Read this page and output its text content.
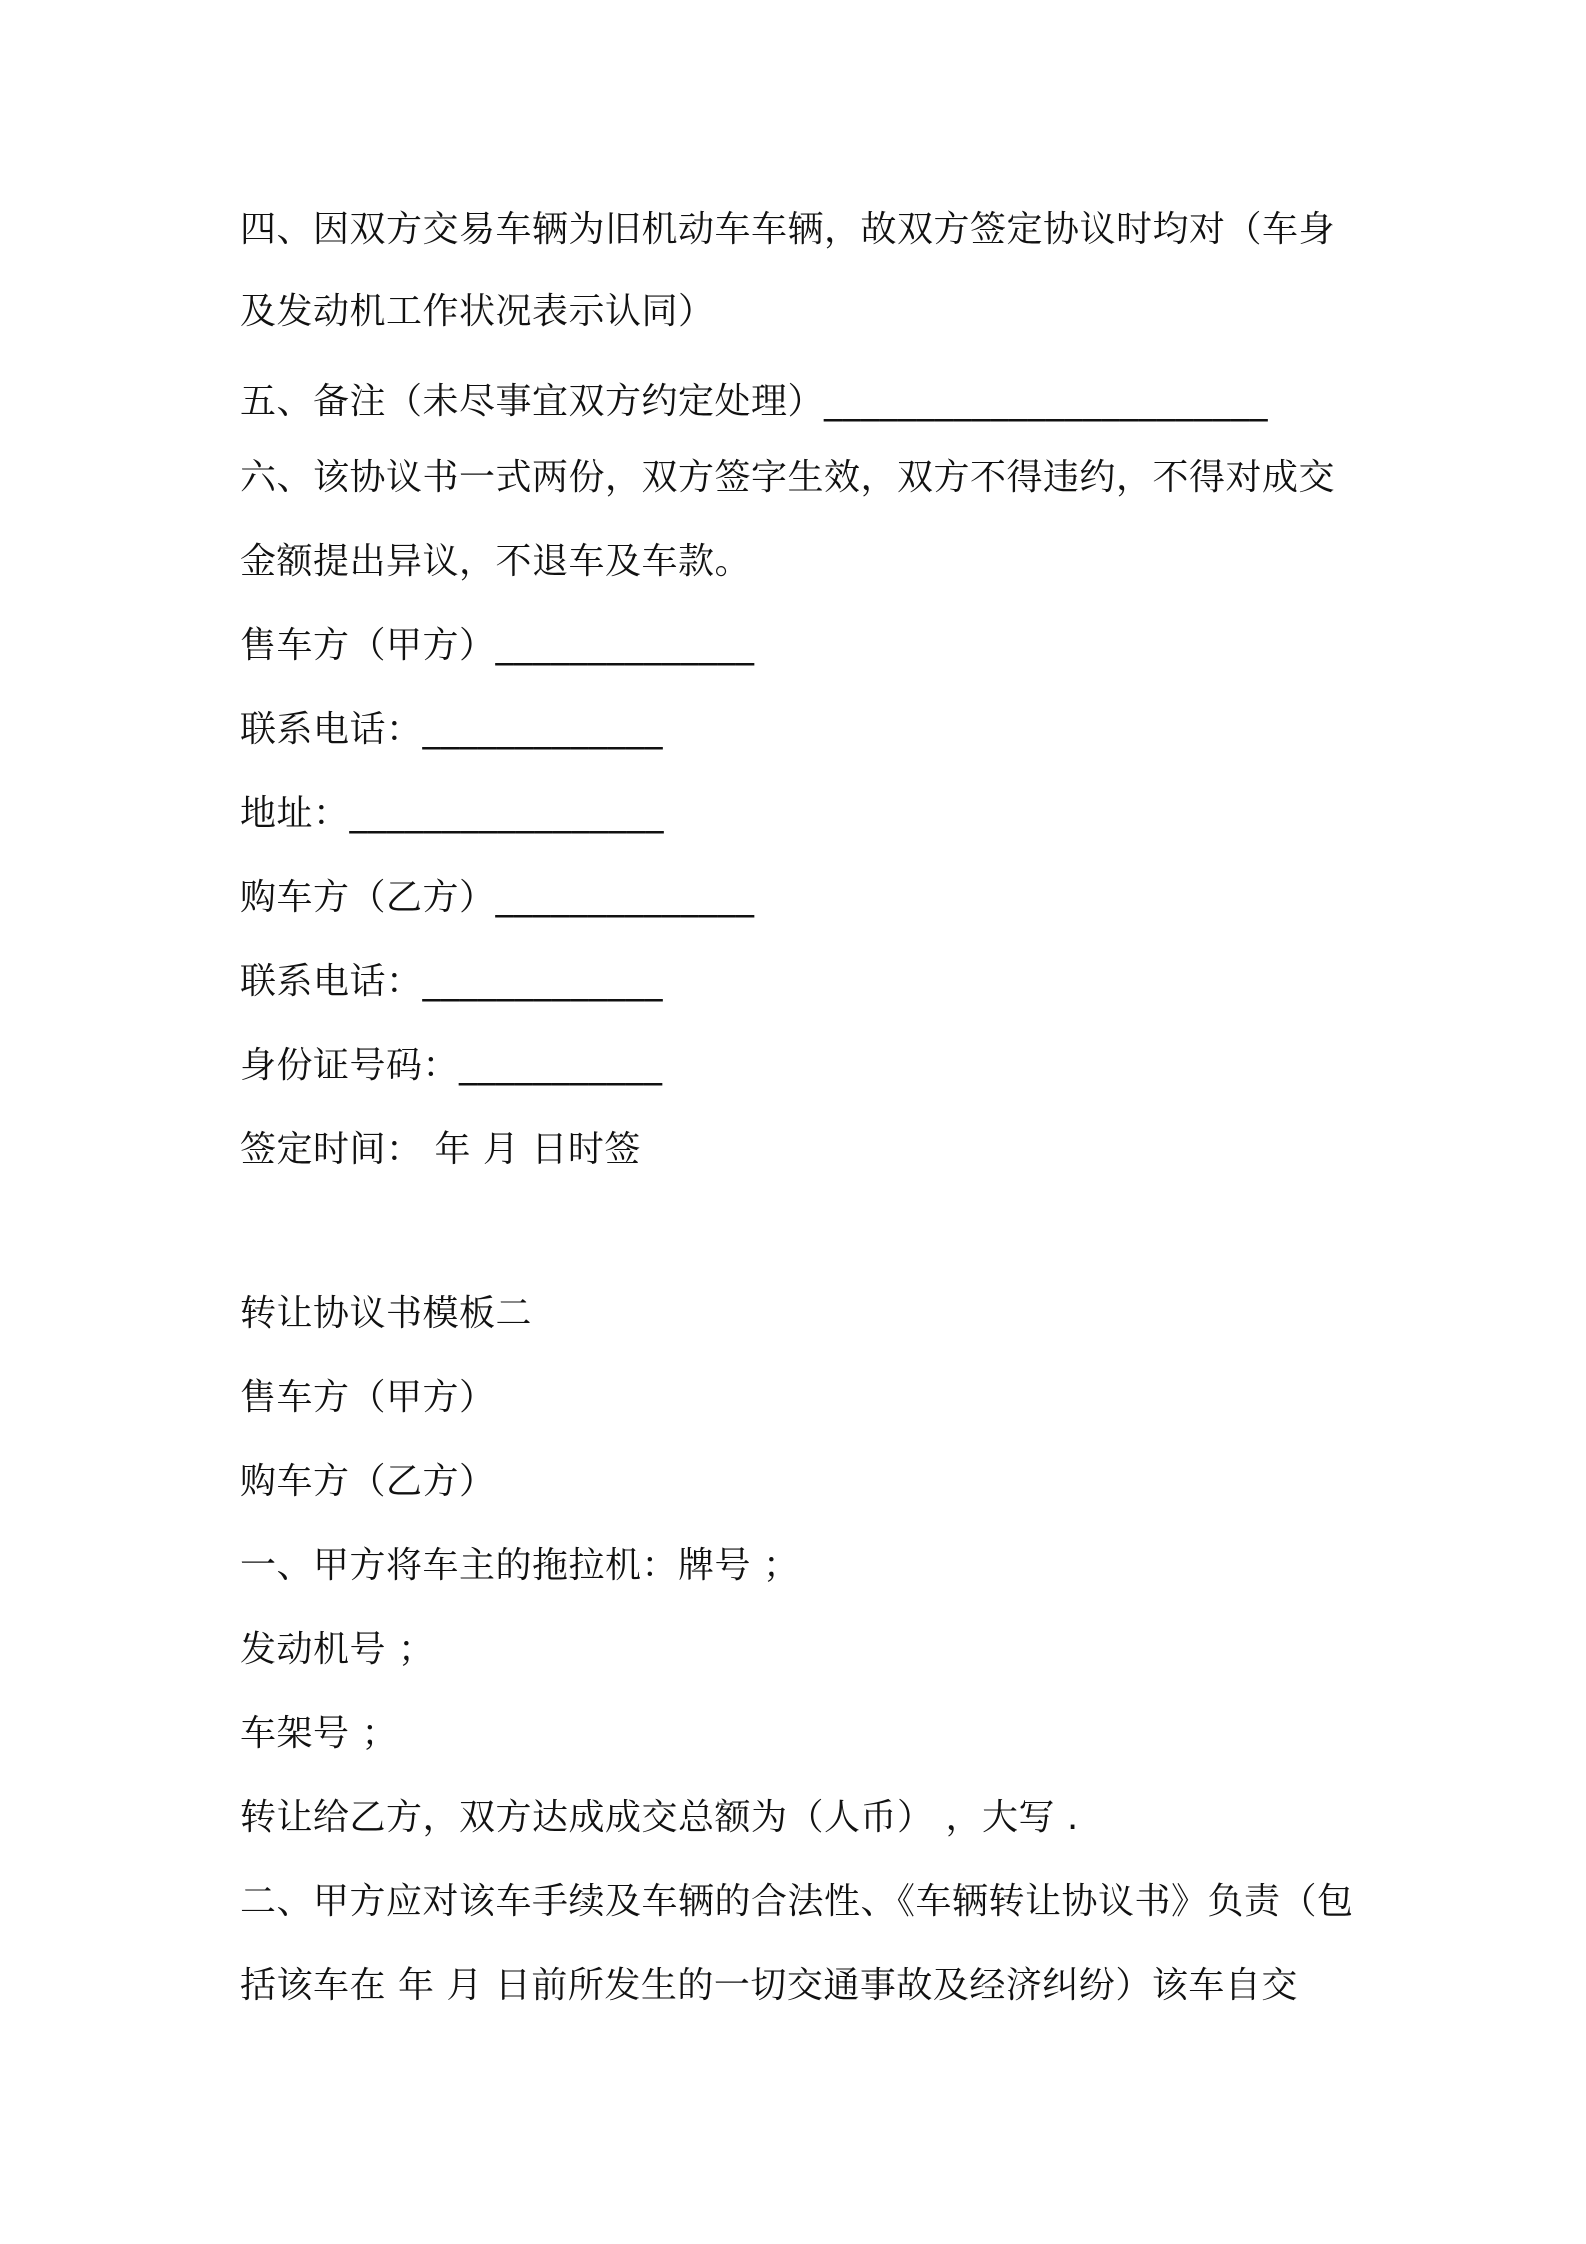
四、因双方交易车辆为旧机动车车辆，故双方签定协议时均对（车身
及发动机工作状况表示认同）
五、备注（未尽事宜双方约定处理）________________________
六、该协议书一式两份，双方签字生效，双方不得违约，不得对成交
金额提出异议，不退车及车款。
售车方（甲方）______________
联系电话：_____________
地址：_________________
购车方（乙方）______________
联系电话：_____________
身份证号码：___________
签定时间： 年 月 日时签
转让协议书模板二
售车方（甲方）
购车方（乙方）
一、甲方将车主的拖拉机：牌号 ；
发动机号 ；
车架号 ；
转让给乙方，双方达成成交总额为（人币） ，大写 .
二、甲方应对该车手续及车辆的合法性、《车辆转让协议书》负责（包
括该车在 年 月 日前所发生的一切交通事故及经济纠纷）该车自交
